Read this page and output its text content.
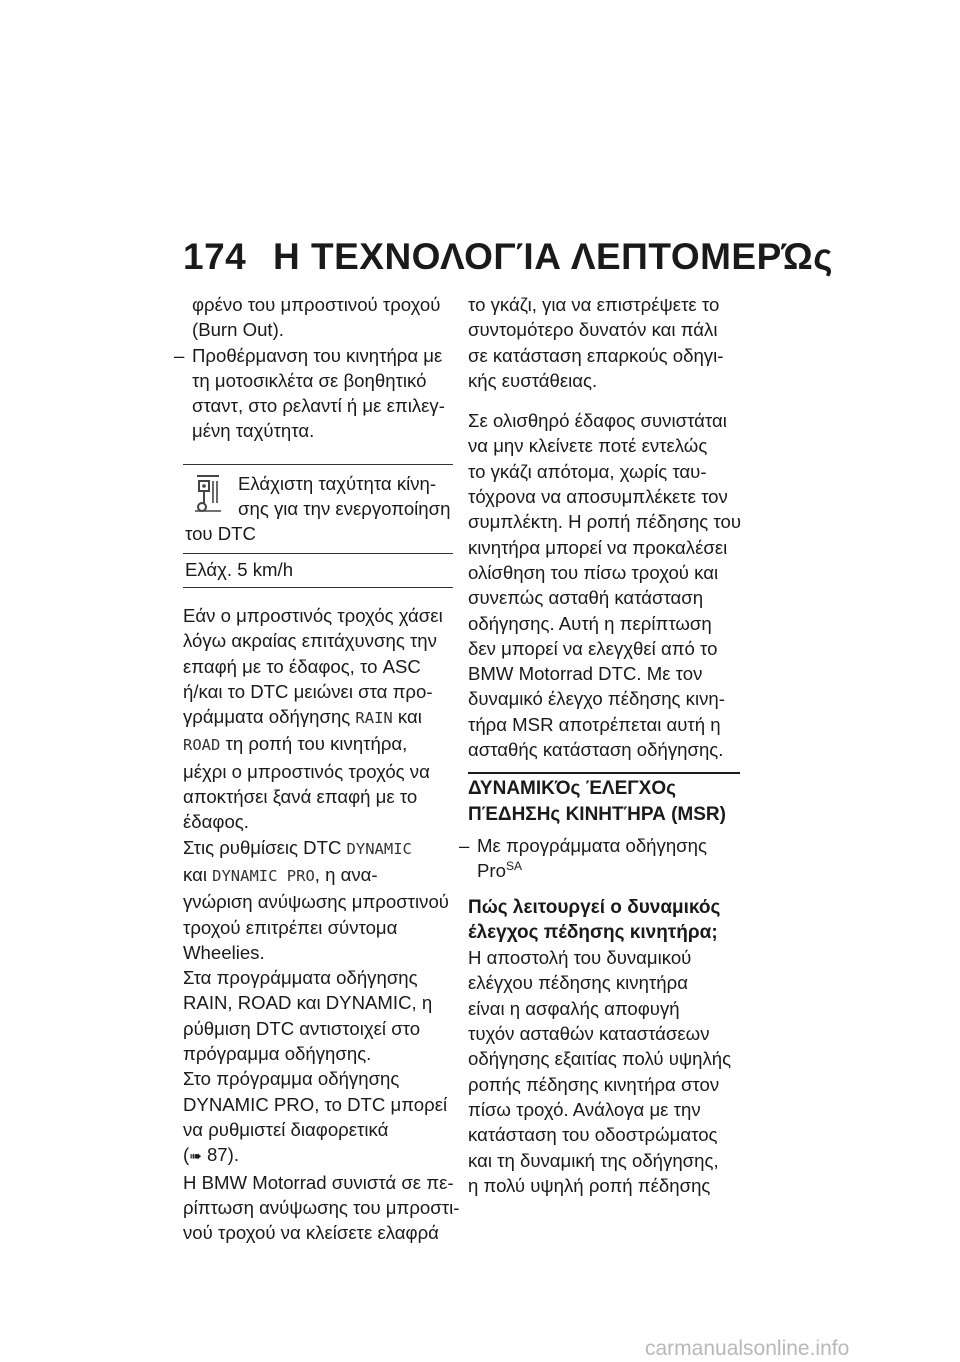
174 Η ΤΕΧΝΟΛΟΓΊΑ ΛΕΠΤΟΜΕΡΏς
φρένο του μπροστινού τροχού
(Burn Out).
– Προθέρμανση του κινητήρα με
τη μοτοσικλέτα σε βοηθητικό
σταντ, στο ρελαντί ή με επιλεγ-
μένη ταχύτητα.
Ελάχιστη ταχύτητα κίνη-
σης για την ενεργοποίηση
του DTC
Ελάχ. 5 km/h
Εάν ο μπροστινός τροχός χάσει
λόγω ακραίας επιτάχυνσης την
επαφή με το έδαφος, το ASC
ή/και το DTC μειώνει στα προ-
γράμματα οδήγησης RAIN και
ROAD τη ροπή του κινητήρα,
μέχρι ο μπροστινός τροχός να
αποκτήσει ξανά επαφή με το
έδαφος.
Στις ρυθμίσεις DTC DYNAMIC
και DYNAMIC PRO, η ανα-
γνώριση ανύψωσης μπροστινού
τροχού επιτρέπει σύντομα
Wheelies.
Στα προγράμματα οδήγησης
RAIN, ROAD και DYNAMIC, η
ρύθμιση DTC αντιστοιχεί στο
πρόγραμμα οδήγησης.
Στο πρόγραμμα οδήγησης
DYNAMIC PRO, το DTC μπορεί
να ρυθμιστεί διαφορετικά
(➠ 87).
Η BMW Motorrad συνιστά σε πε-
ρίπτωση ανύψωσης του μπροστι-
νού τροχού να κλείσετε ελαφρά
το γκάζι, για να επιστρέψετε το
συντομότερο δυνατόν και πάλι
σε κατάσταση επαρκούς οδηγι-
κής ευστάθειας.
Σε ολισθηρό έδαφος συνιστάται
να μην κλείνετε ποτέ εντελώς
το γκάζι απότομα, χωρίς ταυ-
τόχρονα να αποσυμπλέκετε τον
συμπλέκτη. Η ροπή πέδησης του
κινητήρα μπορεί να προκαλέσει
ολίσθηση του πίσω τροχού και
συνεπώς ασταθή κατάσταση
οδήγησης. Αυτή η περίπτωση
δεν μπορεί να ελεγχθεί από το
BMW Motorrad DTC. Με τον
δυναμικό έλεγχο πέδησης κινη-
τήρα MSR αποτρέπεται αυτή η
ασταθής κατάσταση οδήγησης.
ΔΥΝΑΜΙΚΌς ΈΛΕΓΧΟς
ΠΈΔΗΣΗς ΚΙΝΗΤΉΡΑ (MSR)
– Με προγράμματα οδήγησης
Pro$^{SA}$
Πώς λειτουργεί ο δυναμικός
έλεγχος πέδησης κινητήρα;
Η αποστολή του δυναμικού
ελέγχου πέδησης κινητήρα
είναι η ασφαλής αποφυγή
τυχόν ασταθών καταστάσεων
οδήγησης εξαιτίας πολύ υψηλής
ροπής πέδησης κινητήρα στον
πίσω τροχό. Ανάλογα με την
κατάσταση του οδοστρώματος
και τη δυναμική της οδήγησης,
η πολύ υψηλή ροπή πέδησης
carmanualsonline.info
